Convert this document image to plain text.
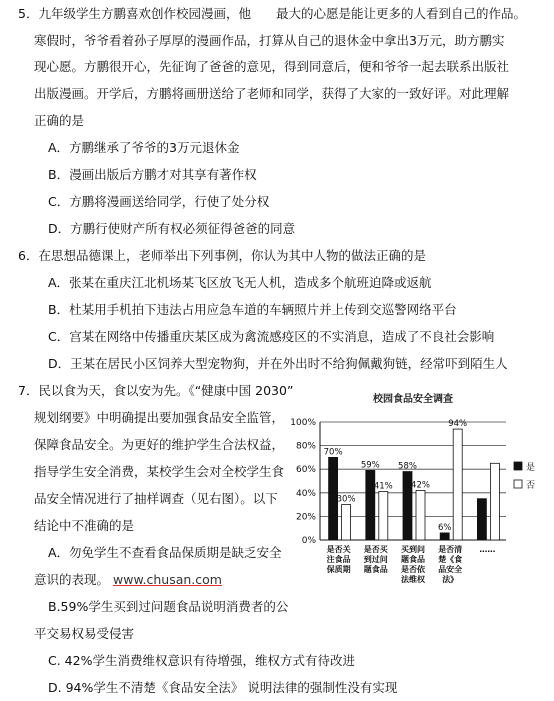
5．九年级学生方鹏喜欢创作校园漫画，他　　最大的心愿是能让更多的人看到自己的作品。
寒假时，爷爷看着孙子厚厚的漫画作品，打算从自己的退休金中拿出3万元，助方鹏实
现心愿。方鹏很开心，先征询了爸爸的意见，得到同意后，便和爷爷一起去联系出版社
出版漫画。开学后，方鹏将画册送给了老师和同学，获得了大家的一致好评。对此理解
正确的是
A．方鹏继承了爷爷的3万元退休金
B．漫画出版后方鹏才对其享有著作权
C．方鹏将漫画送给同学，行使了处分权
D．方鹏行使财产所有权必须征得爸爸的同意
6．在思想品德课上，老师举出下列事例，你认为其中人物的做法正确的是
A．张某在重庆江北机场某飞区放飞无人机，造成多个航班迫降或返航
B．杜某用手机拍下违法占用应急车道的车辆照片并上传到交巡警网络平台
C．宫某在网络中传播重庆某区成为禽流感疫区的不实消息，造成了不良社会影响
D．王某在居民小区饲养大型宠物狗，并在外出时不给狗佩戴狗链，经常吓到陌生人
7．民以食为天，食以安为先。《“健康中国 2030”
规划纲要》中明确提出要加强食品安全监管，
保障食品安全。为更好的维护学生合法权益，
指导学生安全消费，某校学生会对全校学生食
品安全情况进行了抽样调查（见右图）。以下
结论中不准确的是
A．勿免学生不查看食品保质期是缺乏安全
意识的表现。 www.chusan.com
B.59%学生买到过问题食品说明消费者的公
平交易权易受侵害
C. 42%学生消费维权意识有待增强，维权方式有待改进
D. 94%学生不清楚《食品安全法》 说明法律的强制性没有实现
校园食品安全调查
0%
20%
40%
60%
80%
100%
70%
30%
是否关
注食品
保质期
59%
41%
是否买
到过问
题食品
58%
42%
买到问
题食品
是否依
法维权
6%
94%
是否清
楚《食
品安全
法》
……
是
否
